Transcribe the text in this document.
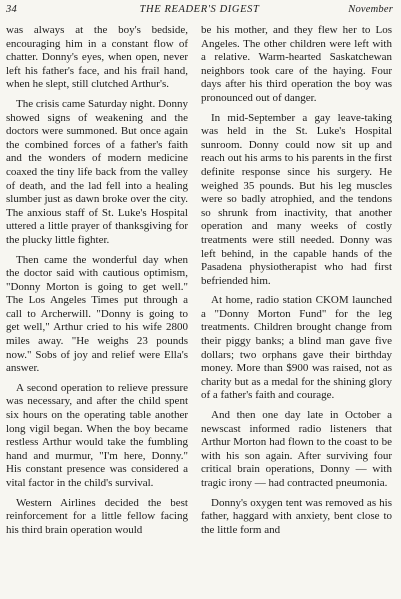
34	THE READER'S DIGEST	November

was always at the boy's bedside, encouraging him in a constant flow of chatter. Donny's eyes, when open, never left his father's face, and his frail hand, when he slept, still clutched Arthur's.

The crisis came Saturday night. Donny showed signs of weakening and the doctors were summoned. But once again the combined forces of a father's faith and the wonders of modern medicine coaxed the tiny life back from the valley of death, and the lad fell into a healing slumber just as dawn broke over the city. The anxious staff of St. Luke's Hospital uttered a little prayer of thanksgiving for the plucky little fighter.

Then came the wonderful day when the doctor said with cautious optimism, "Donny Morton is going to get well." The Los Angeles Times put through a call to Archerwill. "Donny is going to get well," Arthur cried to his wife 2800 miles away. "He weighs 23 pounds now." Sobs of joy and relief were Ella's answer.

A second operation to relieve pressure was necessary, and after the child spent six hours on the operating table another long vigil began. When the boy became restless Arthur would take the fumbling hand and murmur, "I'm here, Donny." His constant presence was considered a vital factor in the child's survival.

Western Airlines decided the best reinforcement for a little fellow facing his third brain operation would

be his mother, and they flew her to Los Angeles. The other children were left with a relative. Warm-hearted Saskatchewan neighbors took care of the haying. Four days after his third operation the boy was pronounced out of danger.

In mid-September a gay leave-taking was held in the St. Luke's Hospital sunroom. Donny could now sit up and reach out his arms to his parents in the first definite response since his surgery. He weighed 35 pounds. But his leg muscles were so badly atrophied, and the tendons so shrunk from inactivity, that another operation and many weeks of costly treatments were still needed. Donny was left behind, in the capable hands of the Pasadena physiotherapist who had first befriended him.

At home, radio station CKOM launched a "Donny Morton Fund" for the leg treatments. Children brought change from their piggy banks; a blind man gave five dollars; two orphans gave their birthday money. More than $900 was raised, not as charity but as a medal for the shining glory of a father's faith and courage.

And then one day late in October a newscast informed radio listeners that Arthur Morton had flown to the coast to be with his son again. After surviving four critical brain operations, Donny — with tragic irony — had contracted pneumonia.

Donny's oxygen tent was removed as his father, haggard with anxiety, bent close to the little form and
